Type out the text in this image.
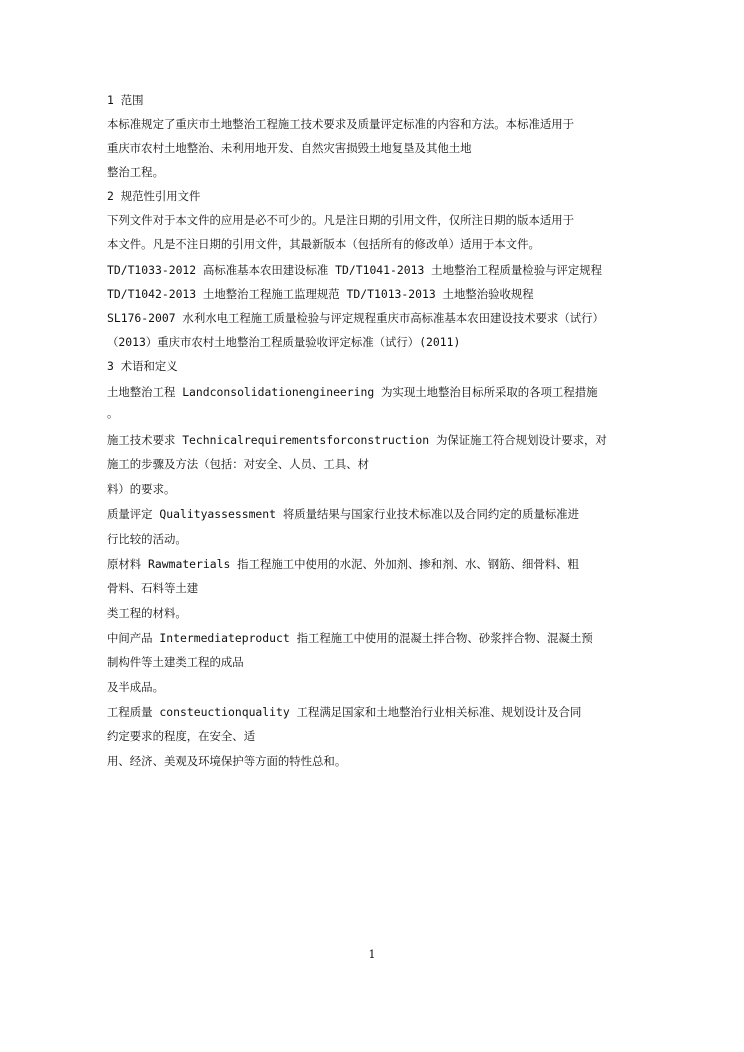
1 范围
本标准规定了重庆市土地整治工程施工技术要求及质量评定标准的内容和方法。本标准适用于
重庆市农村土地整治、未利用地开发、自然灾害损毁土地复垦及其他土地
整治工程。
2 规范性引用文件
下列文件对于本文件的应用是必不可少的。凡是注日期的引用文件，仅所注日期的版本适用于
本文件。凡是不注日期的引用文件，其最新版本（包括所有的修改单）适用于本文件。
TD/T1033-2012 高标准基本农田建设标准 TD/T1041-2013 土地整治工程质量检验与评定规程
TD/T1042-2013 土地整治工程施工监理规范 TD/T1013-2013 土地整治验收规程
SL176-2007 水利水电工程施工质量检验与评定规程重庆市高标准基本农田建设技术要求（试行）
（2013）重庆市农村土地整治工程质量验收评定标准（试行）(2011)
3 术语和定义
土地整治工程 Landconsolidationengineering 为实现土地整治目标所采取的各项工程措施
。
施工技术要求 Technicalrequirementsforconstruction 为保证施工符合规划设计要求，对
施工的步骤及方法（包括：对安全、人员、工具、材
料）的要求。
质量评定 Qualityassessment 将质量结果与国家行业技术标准以及合同约定的质量标准进
行比较的活动。
原材料 Rawmaterials 指工程施工中使用的水泥、外加剂、掺和剂、水、钢筋、细骨料、粗
骨料、石料等土建
类工程的材料。
中间产品 Intermediateproduct 指工程施工中使用的混凝土拌合物、砂浆拌合物、混凝土预
制构件等土建类工程的成品
及半成品。
工程质量 consteuctionquality 工程满足国家和土地整治行业相关标准、规划设计及合同
约定要求的程度，在安全、适
用、经济、美观及环境保护等方面的特性总和。
1
